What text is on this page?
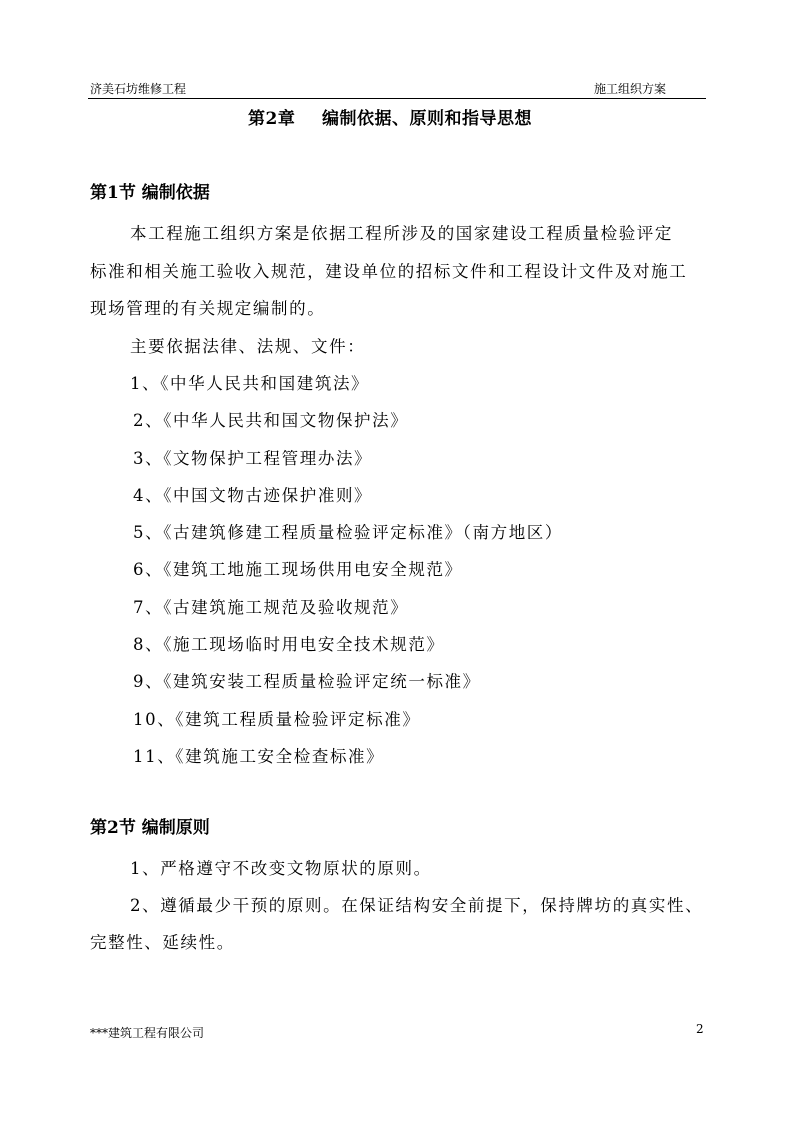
济美石坊维修工程	施工组织方案
第2章 编制依据、原则和指导思想
第1节 编制依据
本工程施工组织方案是依据工程所涉及的国家建设工程质量检验评定
标准和相关施工验收入规范，建设单位的招标文件和工程设计文件及对施工
现场管理的有关规定编制的。
主要依据法律、法规、文件：
1、《中华人民共和国建筑法》
2、《中华人民共和国文物保护法》
3、《文物保护工程管理办法》
4、《中国文物古迹保护准则》
5、《古建筑修建工程质量检验评定标准》（南方地区）
6、《建筑工地施工现场供用电安全规范》
7、《古建筑施工规范及验收规范》
8、《施工现场临时用电安全技术规范》
9、《建筑安装工程质量检验评定统一标准》
10、《建筑工程质量检验评定标准》
11、《建筑施工安全检查标准》
第2节 编制原则
1、严格遵守不改变文物原状的原则。
2、遵循最少干预的原则。在保证结构安全前提下，保持牌坊的真实性、
完整性、延续性。
***建筑工程有限公司	2
